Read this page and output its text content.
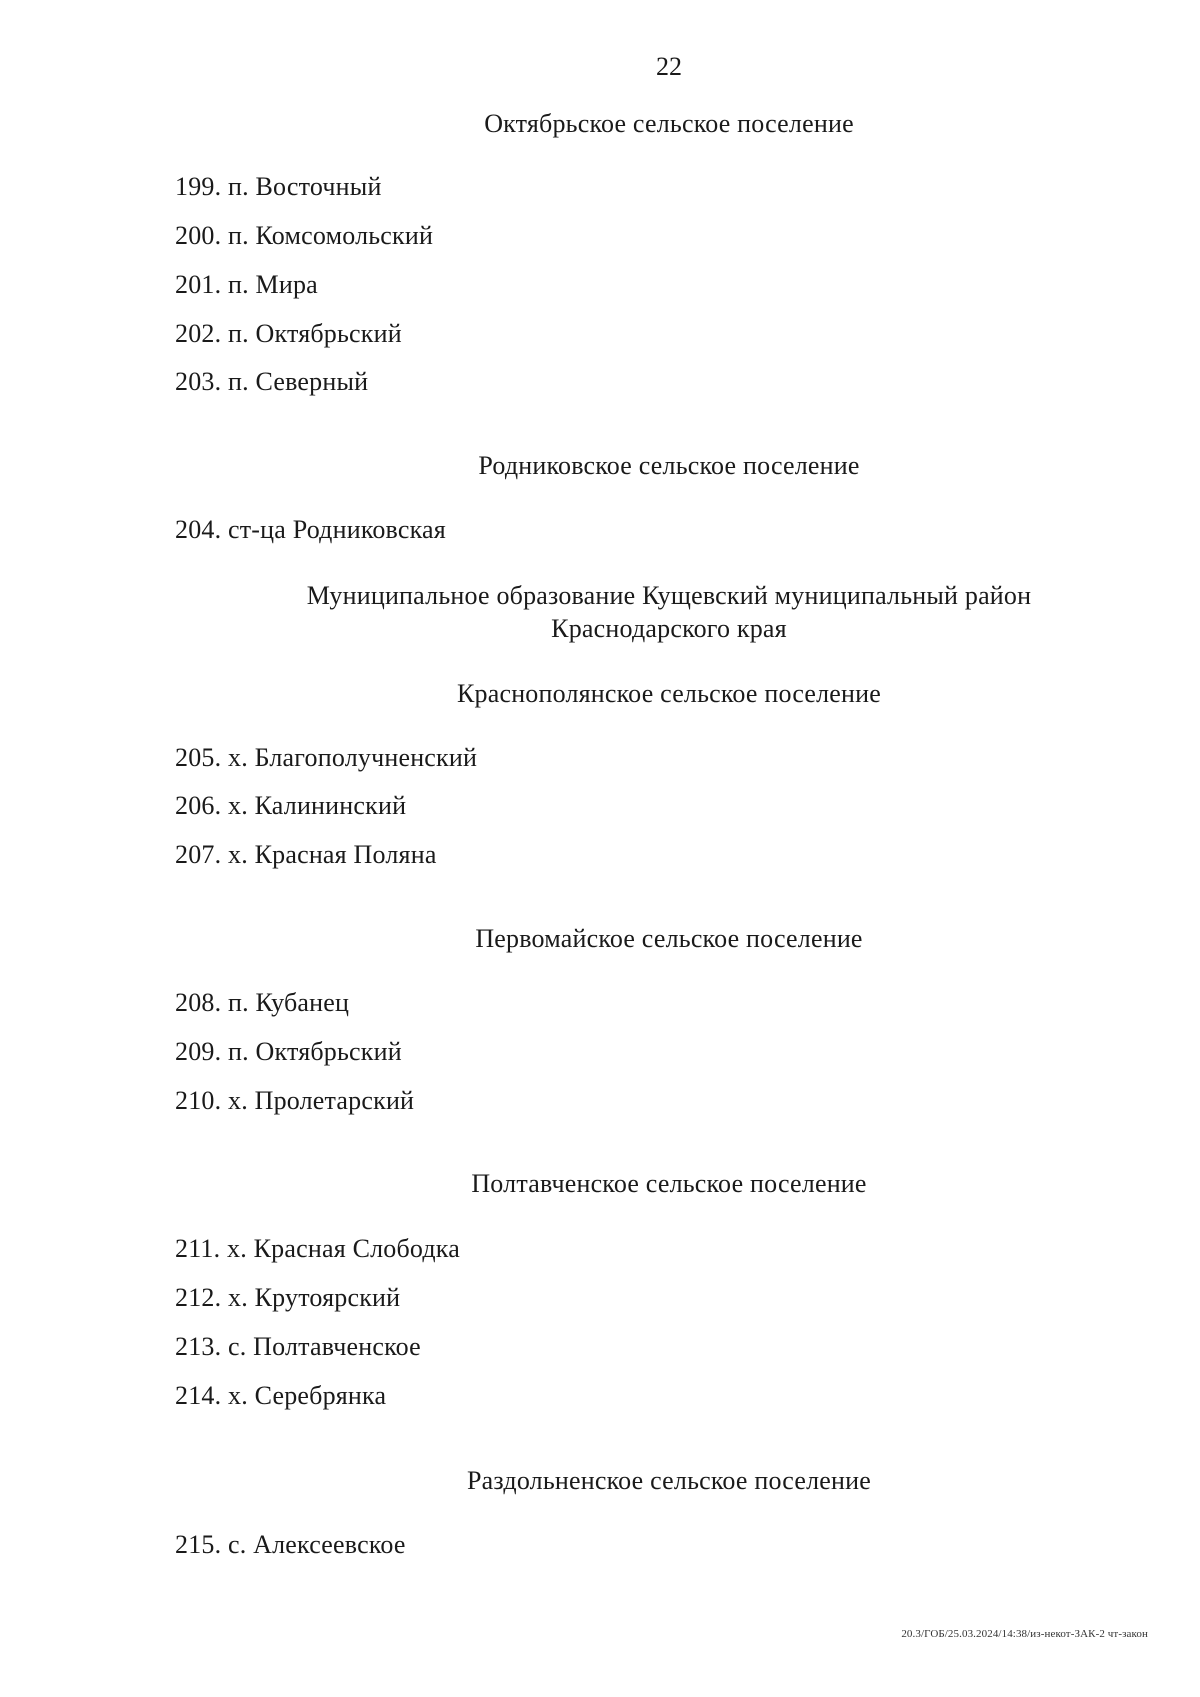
22
Октябрьское сельское поселение
199. п. Восточный
200. п. Комсомольский
201. п. Мира
202. п. Октябрьский
203. п. Северный
Родниковское сельское поселение
204. ст-ца Родниковская
Муниципальное образование Кущевский муниципальный район
Краснодарского края
Краснополянское сельское поселение
205. х. Благополучненский
206. х. Калининский
207. х. Красная Поляна
Первомайское сельское поселение
208. п. Кубанец
209. п. Октябрьский
210. х. Пролетарский
Полтавченское сельское поселение
211. х. Красная Слободка
212. х. Крутоярский
213. с. Полтавченское
214. х. Серебрянка
Раздольненское сельское поселение
215. с. Алексеевское
20.3/ГОБ/25.03.2024/14:38/из-некот-ЗАК-2 чт-закон
